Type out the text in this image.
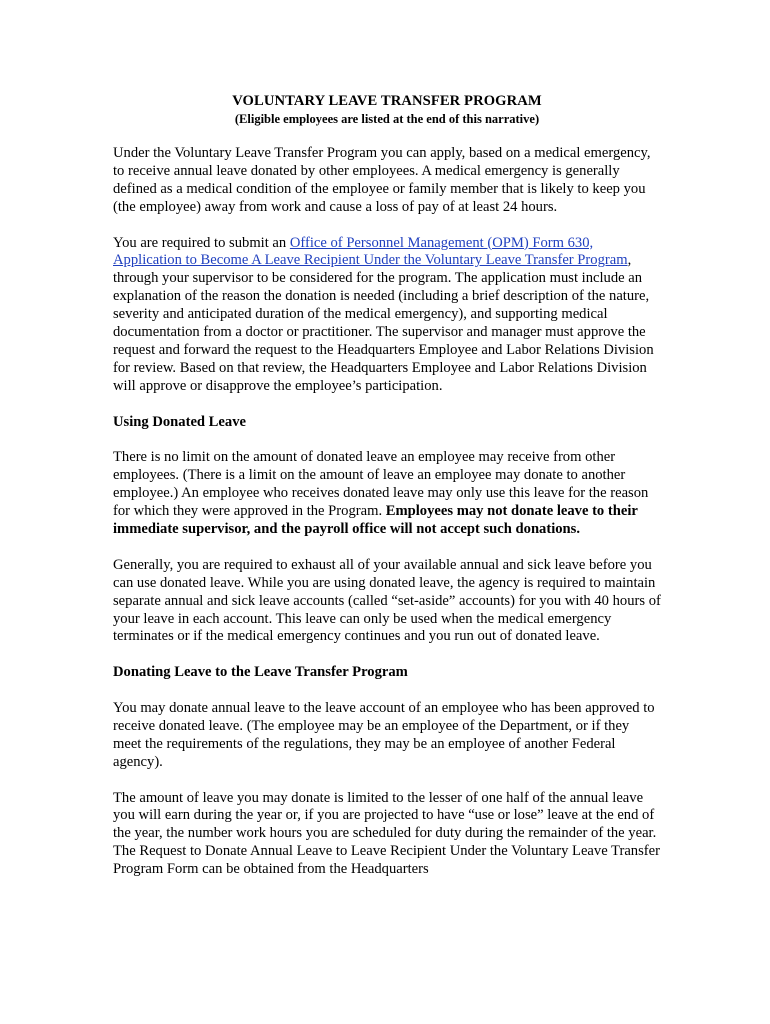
VOLUNTARY LEAVE TRANSFER PROGRAM
(Eligible employees are listed at the end of this narrative)

Under the Voluntary Leave Transfer Program you can apply, based on a medical emergency, to receive annual leave donated by other employees. A medical emergency is generally defined as a medical condition of the employee or family member that is likely to keep you (the employee) away from work and cause a loss of pay of at least 24 hours.

You are required to submit an Office of Personnel Management (OPM) Form 630, Application to Become A Leave Recipient Under the Voluntary Leave Transfer Program, through your supervisor to be considered for the program. The application must include an explanation of the reason the donation is needed (including a brief description of the nature, severity and anticipated duration of the medical emergency), and supporting medical documentation from a doctor or practitioner. The supervisor and manager must approve the request and forward the request to the Headquarters Employee and Labor Relations Division for review. Based on that review, the Headquarters Employee and Labor Relations Division will approve or disapprove the employee’s participation.

Using Donated Leave

There is no limit on the amount of donated leave an employee may receive from other employees. (There is a limit on the amount of leave an employee may donate to another employee.) An employee who receives donated leave may only use this leave for the reason for which they were approved in the Program. Employees may not donate leave to their immediate supervisor, and the payroll office will not accept such donations.

Generally, you are required to exhaust all of your available annual and sick leave before you can use donated leave. While you are using donated leave, the agency is required to maintain separate annual and sick leave accounts (called “set-aside” accounts) for you with 40 hours of your leave in each account. This leave can only be used when the medical emergency terminates or if the medical emergency continues and you run out of donated leave.

Donating Leave to the Leave Transfer Program

You may donate annual leave to the leave account of an employee who has been approved to receive donated leave. (The employee may be an employee of the Department, or if they meet the requirements of the regulations, they may be an employee of another Federal agency).

The amount of leave you may donate is limited to the lesser of one half of the annual leave you will earn during the year or, if you are projected to have “use or lose” leave at the end of the year, the number work hours you are scheduled for duty during the remainder of the year. The Request to Donate Annual Leave to Leave Recipient Under the Voluntary Leave Transfer Program Form can be obtained from the Headquarters
